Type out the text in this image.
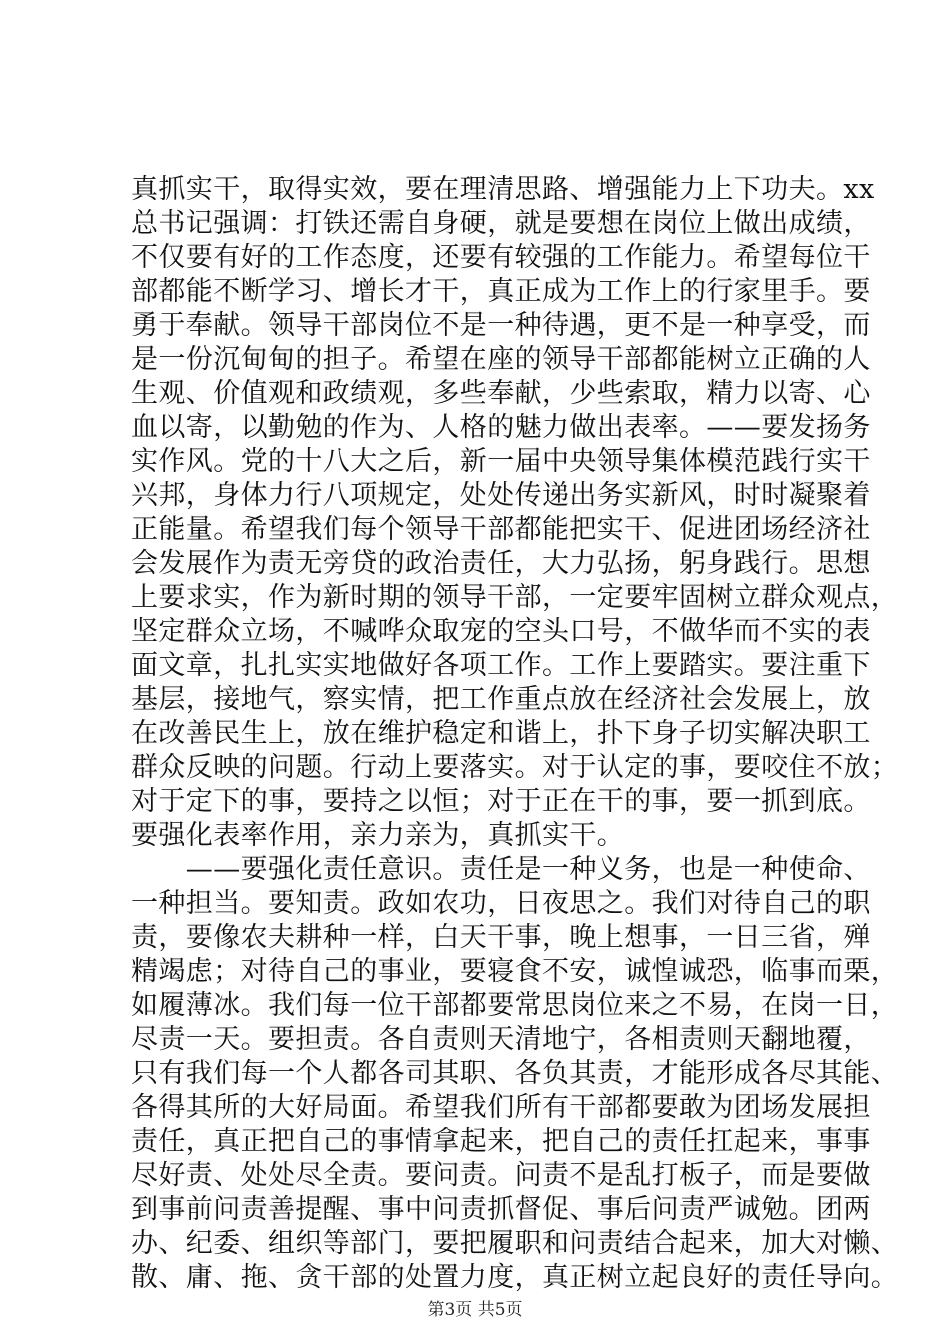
真抓实干，取得实效，要在理清思路、增强能力上下功夫。xx
总书记强调：打铁还需自身硬，就是要想在岗位上做出成绩，
不仅要有好的工作态度，还要有较强的工作能力。希望每位干
部都能不断学习、增长才干，真正成为工作上的行家里手。要
勇于奉献。领导干部岗位不是一种待遇，更不是一种享受，而
是一份沉甸甸的担子。希望在座的领导干部都能树立正确的人
生观、价值观和政绩观，多些奉献，少些索取，精力以寄、心
血以寄，以勤勉的作为、人格的魅力做出表率。——要发扬务
实作风。党的十八大之后，新一届中央领导集体模范践行实干
兴邦，身体力行八项规定，处处传递出务实新风，时时凝聚着
正能量。希望我们每个领导干部都能把实干、促进团场经济社
会发展作为责无旁贷的政治责任，大力弘扬，躬身践行。思想
上要求实，作为新时期的领导干部，一定要牢固树立群众观点，
坚定群众立场，不喊哗众取宠的空头口号，不做华而不实的表
面文章，扎扎实实地做好各项工作。工作上要踏实。要注重下
基层，接地气，察实情，把工作重点放在经济社会发展上，放
在改善民生上，放在维护稳定和谐上，扑下身子切实解决职工
群众反映的问题。行动上要落实。对于认定的事，要咬住不放；
对于定下的事，要持之以恒；对于正在干的事，要一抓到底。
要强化表率作用，亲力亲为，真抓实干。
　　——要强化责任意识。责任是一种义务，也是一种使命、
一种担当。要知责。政如农功，日夜思之。我们对待自己的职
责，要像农夫耕种一样，白天干事，晚上想事，一日三省，殚
精竭虑；对待自己的事业，要寝食不安，诚惶诚恐，临事而栗，
如履薄冰。我们每一位干部都要常思岗位来之不易，在岗一日，
尽责一天。要担责。各自责则天清地宁，各相责则天翻地覆，
只有我们每一个人都各司其职、各负其责，才能形成各尽其能、
各得其所的大好局面。希望我们所有干部都要敢为团场发展担
责任，真正把自己的事情拿起来，把自己的责任扛起来，事事
尽好责、处处尽全责。要问责。问责不是乱打板子，而是要做
到事前问责善提醒、事中问责抓督促、事后问责严诚勉。团两
办、纪委、组织等部门，要把履职和问责结合起来，加大对懒、
散、庸、拖、贪干部的处置力度，真正树立起良好的责任导向。
第3页 共5页
